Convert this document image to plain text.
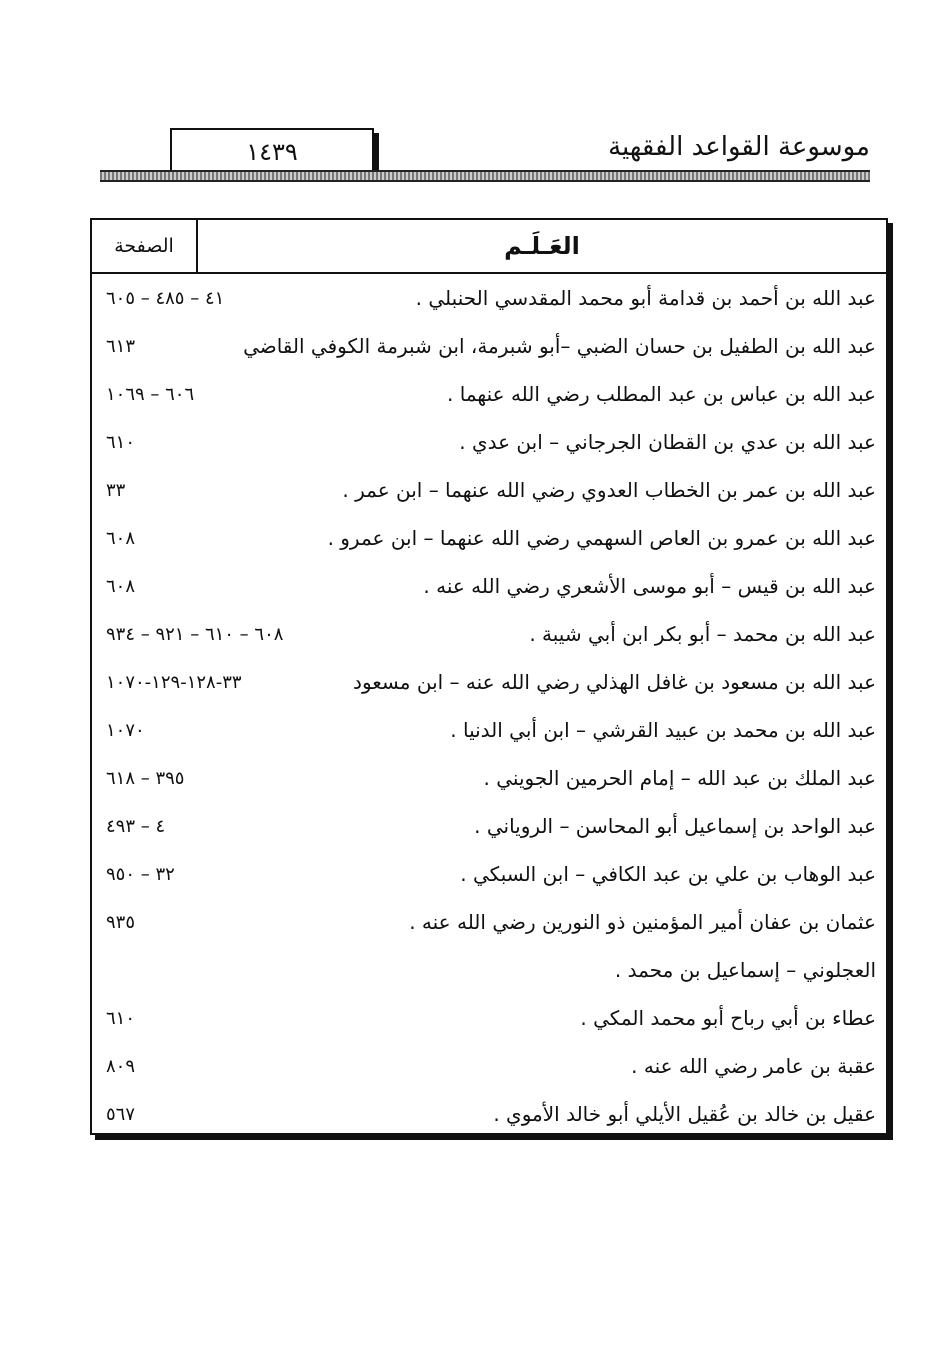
موسوعة القواعد الفقهية
١٤٣٩
العَـلَـم
الصفحة
عبد الله بن أحمد بن قدامة أبو محمد المقدسي الحنبلي .
٤١ – ٤٨٥ – ٦٠٥
عبد الله بن الطفيل بن حسان الضبي –أبو شبرمة، ابن شبرمة الكوفي القاضي
٦١٣
عبد الله بن عباس بن عبد المطلب رضي الله عنهما .
٦٠٦ – ١٠٦٩
عبد الله بن عدي بن القطان الجرجاني – ابن عدي .
٦١٠
عبد الله بن عمر بن الخطاب العدوي رضي الله عنهما – ابن عمر .
٣٣
عبد الله بن عمرو بن العاص السهمي رضي الله عنهما – ابن عمرو .
٦٠٨
عبد الله بن قيس – أبو موسى الأشعري رضي الله عنه .
٦٠٨
عبد الله بن محمد – أبو بكر ابن أبي شيبة .
٦٠٨ – ٦١٠ – ٩٢١ – ٩٣٤
عبد الله بن مسعود بن غافل الهذلي رضي الله عنه – ابن مسعود
٣٣-١٢٨-١٢٩-١٠٧٠
عبد الله بن محمد بن عبيد القرشي – ابن أبي الدنيا .
١٠٧٠
عبد الملك بن عبد الله – إمام الحرمين الجويني .
٣٩٥ – ٦١٨
عبد الواحد بن إسماعيل أبو المحاسن – الروياني .
٤ – ٤٩٣
عبد الوهاب بن علي بن عبد الكافي – ابن السبكي .
٣٢ – ٩٥٠
عثمان بن عفان أمير المؤمنين ذو النورين رضي الله عنه .
٩٣٥
العجلوني – إسماعيل بن محمد .
عطاء بن أبي رباح أبو محمد المكي .
٦١٠
عقبة بن عامر رضي الله عنه .
٨٠٩
عقيل بن خالد بن عُقيل الأيلي أبو خالد الأموي .
٥٦٧
